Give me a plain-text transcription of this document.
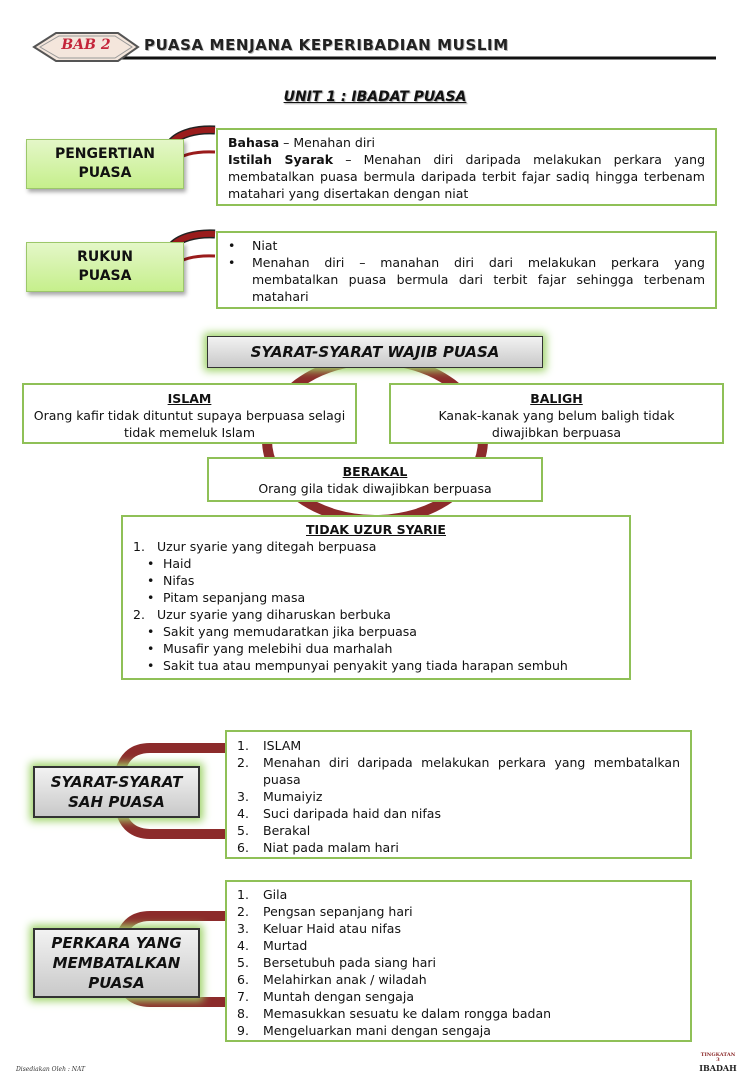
BAB 2	PUASA MENJANA KEPERIBADIAN MUSLIM
UNIT 1 : IBADAT PUASA
PENGERTIAN
PUASA
Bahasa – Menahan diri
Istilah Syarak – Menahan diri daripada melakukan perkara yang membatalkan puasa bermula daripada terbit fajar sadiq hingga terbenam matahari yang disertakan dengan niat
RUKUN
PUASA
• Niat
• Menahan diri – manahan diri dari melakukan perkara yang membatalkan puasa bermula dari terbit fajar sehingga terbenam matahari
SYARAT-SYARAT WAJIB PUASA
ISLAM
Orang kafir tidak dituntut supaya berpuasa selagi tidak memeluk Islam
BALIGH
Kanak-kanak yang belum baligh tidak diwajibkan berpuasa
BERAKAL
Orang gila tidak diwajibkan berpuasa
TIDAK UZUR SYARIE
1. Uzur syarie yang ditegah berpuasa
• Haid
• Nifas
• Pitam sepanjang masa
2. Uzur syarie yang diharuskan berbuka
• Sakit yang memudaratkan jika berpuasa
• Musafir yang melebihi dua marhalah
• Sakit tua atau mempunyai penyakit yang tiada harapan sembuh
SYARAT-SYARAT
SAH PUASA
1. ISLAM
2. Menahan diri daripada melakukan perkara yang membatalkan puasa
3. Mumaiyiz
4. Suci daripada haid dan nifas
5. Berakal
6. Niat pada malam hari
PERKARA YANG
MEMBATALKAN
PUASA
1. Gila
2. Pengsan sepanjang hari
3. Keluar Haid atau nifas
4. Murtad
5. Bersetubuh pada siang hari
6. Melahirkan anak / wiladah
7. Muntah dengan sengaja
8. Memasukkan sesuatu ke dalam rongga badan
9. Mengeluarkan mani dengan sengaja
Disediakan Oleh : NAT
TINGKATAN
3
IBADAH
